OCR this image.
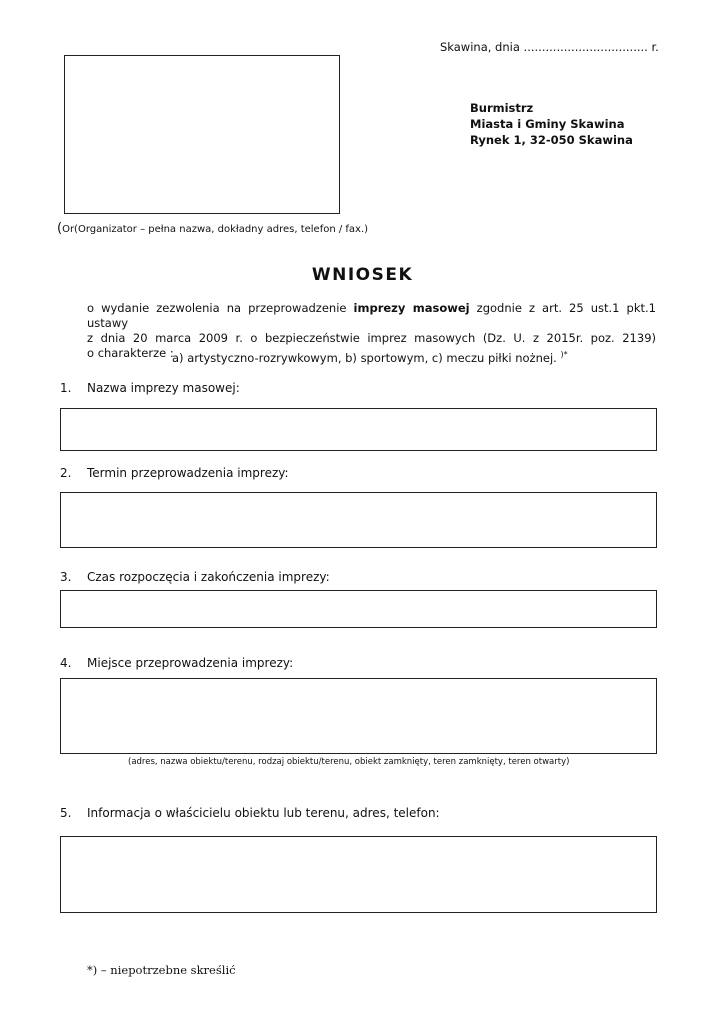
Skawina, dnia .................................. r.
(Or(Organizator – pełna nazwa, dokładny adres, telefon / fax.)
Burmistrz
Miasta i Gminy Skawina
Rynek 1, 32-050 Skawina
WNIOSEK
o wydanie zezwolenia na przeprowadzenie imprezy masowej zgodnie z art. 25 ust.1 pkt.1 ustawy
z dnia 20 marca 2009 r. o bezpieczeństwie imprez masowych (Dz. U. z 2015r. poz. 2139)
o charakterze :
a) artystyczno-rozrywkowym, b) sportowym, c) meczu piłki nożnej. )*
1. Nazwa imprezy masowej:
2. Termin przeprowadzenia imprezy:
3. Czas rozpoczęcia i zakończenia imprezy:
4. Miejsce przeprowadzenia imprezy:
(adres, nazwa obiektu/terenu, rodzaj obiektu/terenu, obiekt zamknięty, teren zamknięty, teren otwarty)
5. Informacja o właścicielu obiektu lub terenu, adres, telefon:
*) – niepotrzebne skreślić
